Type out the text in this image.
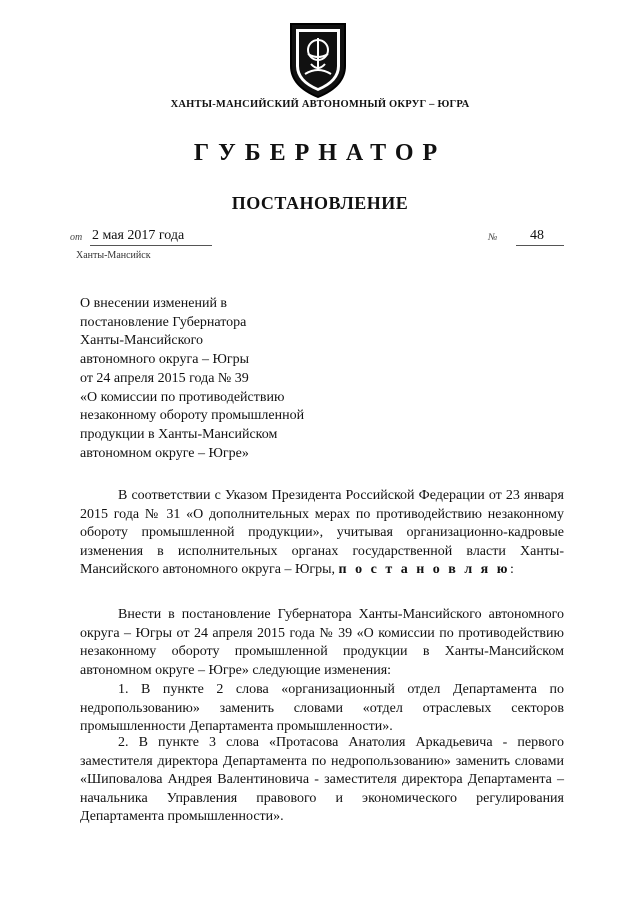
ХАНТЫ-МАНСИЙСКИЙ АВТОНОМНЫЙ ОКРУГ – ЮГРА
ГУБЕРНАТОР
ПОСТАНОВЛЕНИЕ
от 2 мая 2017 года	№ 48
Ханты-Мансийск
О внесении изменений в
постановление Губернатора
Ханты-Мансийского
автономного округа – Югры
от 24 апреля 2015 года № 39
«О комиссии по противодействию
незаконному обороту промышленной
продукции в Ханты-Мансийском
автономном округе – Югре»
В соответствии с Указом Президента Российской Федерации от 23 января 2015 года № 31 «О дополнительных мерах по противодействию незаконному обороту промышленной продукции», учитывая организационно-кадровые изменения в исполнительных органах государственной власти Ханты-Мансийского автономного округа – Югры, п о с т а н о в л я ю:
Внести в постановление Губернатора Ханты-Мансийского автономного округа – Югры от 24 апреля 2015 года № 39 «О комиссии по противодействию незаконному обороту промышленной продукции в Ханты-Мансийском автономном округе – Югре» следующие изменения:
1. В пункте 2 слова «организационный отдел Департамента по недропользованию» заменить словами «отдел отраслевых секторов промышленности Департамента промышленности».
2. В пункте 3 слова «Протасова Анатолия Аркадьевича - первого заместителя директора Департамента по недропользованию» заменить словами «Шиповалова Андрея Валентиновича - заместителя директора Департамента – начальника Управления правового и экономического регулирования Департамента промышленности».
